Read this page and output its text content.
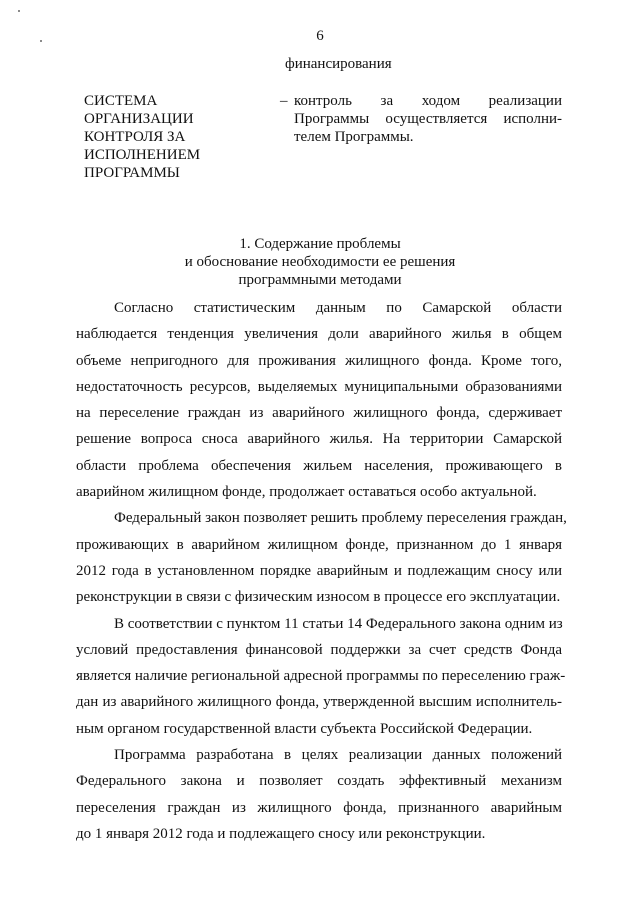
6
финансирования
СИСТЕМА
ОРГАНИЗАЦИИ
КОНТРОЛЯ ЗА
ИСПОЛНЕНИЕМ
ПРОГРАММЫ
– контроль за ходом реализации
Программы осуществляется исполни-
телем Программы.
1. Содержание проблемы
и обоснование необходимости ее решения
программными методами
Согласно статистическим данным по Самарской области
наблюдается тенденция увеличения доли аварийного жилья в общем
объеме непригодного для проживания жилищного фонда. Кроме того,
недостаточность ресурсов, выделяемых муниципальными образованиями
на переселение граждан из аварийного жилищного фонда, сдерживает
решение вопроса сноса аварийного жилья. На территории Самарской
области проблема обеспечения жильем населения, проживающего в
аварийном жилищном фонде, продолжает оставаться особо актуальной.
Федеральный закон позволяет решить проблему переселения граждан,
проживающих в аварийном жилищном фонде, признанном до 1 января
2012 года в установленном порядке аварийным и подлежащим сносу или
реконструкции в связи с физическим износом в процессе его эксплуатации.
В соответствии с пунктом 11 статьи 14 Федерального закона одним из
условий предоставления финансовой поддержки за счет средств Фонда
является наличие региональной адресной программы по переселению граж-
дан из аварийного жилищного фонда, утвержденной высшим исполнитель-
ным органом государственной власти субъекта Российской Федерации.
Программа разработана в целях реализации данных положений
Федерального закона и позволяет создать эффективный механизм
переселения граждан из жилищного фонда, признанного аварийным
до 1 января 2012 года и подлежащего сносу или реконструкции.
